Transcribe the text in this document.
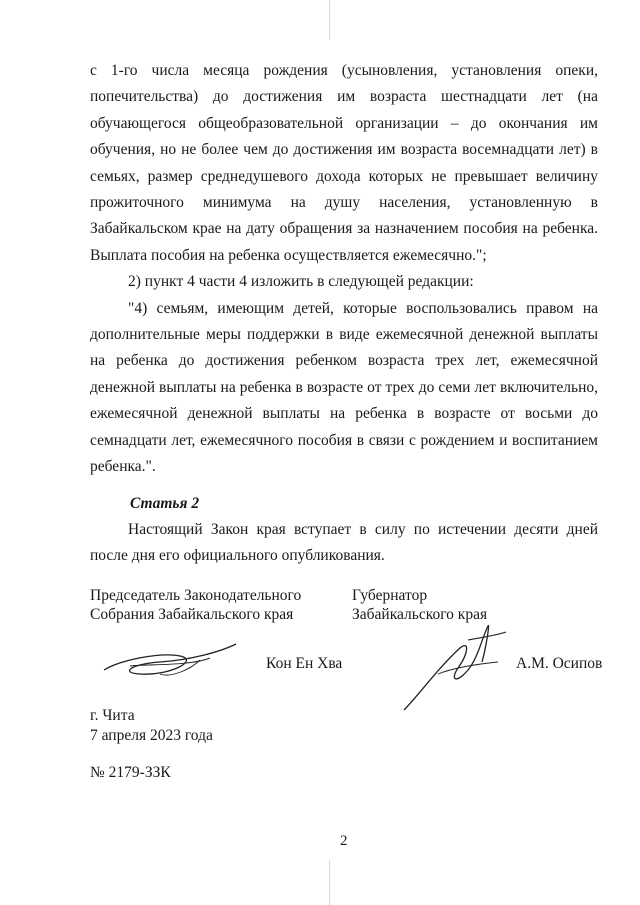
с 1-го числа месяца рождения (усыновления, установления опеки, попечительства) до достижения им возраста шестнадцати лет (на обучающегося общеобразовательной организации – до окончания им обучения, но не более чем до достижения им возраста восемнадцати лет) в семьях, размер среднедушевого дохода которых не превышает величину прожиточного минимума на душу населения, установленную в Забайкальском крае на дату обращения за назначением пособия на ребенка. Выплата пособия на ребенка осуществляется ежемесячно.";

2) пункт 4 части 4 изложить в следующей редакции:

"4) семьям, имеющим детей, которые воспользовались правом на дополнительные меры поддержки в виде ежемесячной денежной выплаты на ребенка до достижения ребенком возраста трех лет, ежемесячной денежной выплаты на ребенка в возрасте от трех до семи лет включительно, ежемесячной денежной выплаты на ребенка в возрасте от восьми до семнадцати лет, ежемесячного пособия в связи с рождением и воспитанием ребенка.".

Статья 2

Настоящий Закон края вступает в силу по истечении десяти дней после дня его официального опубликования.

Председатель Законодательного
Собрания Забайкальского края
Губернатор
Забайкальского края
Кон Ен Хва	А.М. Осипов
г. Чита
7 апреля 2023 года
№ 2179-ЗЗК
2
